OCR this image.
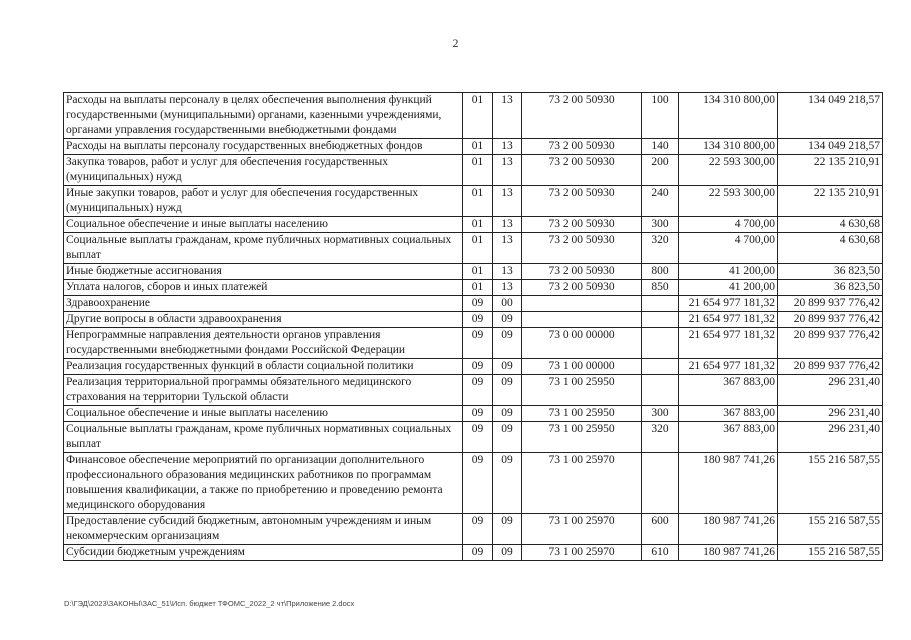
2
Расходы на выплаты персоналу в целях обеспечения выполнения функций государственными (муниципальными) органами, казенными учреждениями, органами управления государственными внебюджетными фондами	01	13	73 2 00 50930	100	134 310 800,00	134 049 218,57
Расходы на выплаты персоналу государственных внебюджетных фондов	01	13	73 2 00 50930	140	134 310 800,00	134 049 218,57
Закупка товаров, работ и услуг для обеспечения государственных (муниципальных) нужд	01	13	73 2 00 50930	200	22 593 300,00	22 135 210,91
Иные закупки товаров, работ и услуг для обеспечения государственных (муниципальных) нужд	01	13	73 2 00 50930	240	22 593 300,00	22 135 210,91
Социальное обеспечение и иные выплаты населению	01	13	73 2 00 50930	300	4 700,00	4 630,68
Социальные выплаты гражданам, кроме публичных нормативных социальных выплат	01	13	73 2 00 50930	320	4 700,00	4 630,68
Иные бюджетные ассигнования	01	13	73 2 00 50930	800	41 200,00	36 823,50
Уплата налогов, сборов и иных платежей	01	13	73 2 00 50930	850	41 200,00	36 823,50
Здравоохранение	09	00			21 654 977 181,32	20 899 937 776,42
Другие вопросы в области здравоохранения	09	09			21 654 977 181,32	20 899 937 776,42
Непрограммные направления деятельности органов управления государственными внебюджетными фондами Российской Федерации	09	09	73 0 00 00000		21 654 977 181,32	20 899 937 776,42
Реализация государственных функций в области социальной политики	09	09	73 1 00 00000		21 654 977 181,32	20 899 937 776,42
Реализация территориальной программы обязательного медицинского страхования на территории Тульской области	09	09	73 1 00 25950		367 883,00	296 231,40
Социальное обеспечение и иные выплаты населению	09	09	73 1 00 25950	300	367 883,00	296 231,40
Социальные выплаты гражданам, кроме публичных нормативных социальных выплат	09	09	73 1 00 25950	320	367 883,00	296 231,40
Финансовое обеспечение мероприятий по организации дополнительного профессионального образования медицинских работников по программам повышения квалификации, а также по приобретению и проведению ремонта медицинского оборудования	09	09	73 1 00 25970		180 987 741,26	155 216 587,55
Предоставление субсидий бюджетным, автономным учреждениям и иным некоммерческим организациям	09	09	73 1 00 25970	600	180 987 741,26	155 216 587,55
Субсидии бюджетным учреждениям	09	09	73 1 00 25970	610	180 987 741,26	155 216 587,55
D:\ГЭД\2023\ЗАКОНЫ\ЗАС_51\Исп. бюджет ТФОМС_2022_2 чт\Приложение 2.docx
